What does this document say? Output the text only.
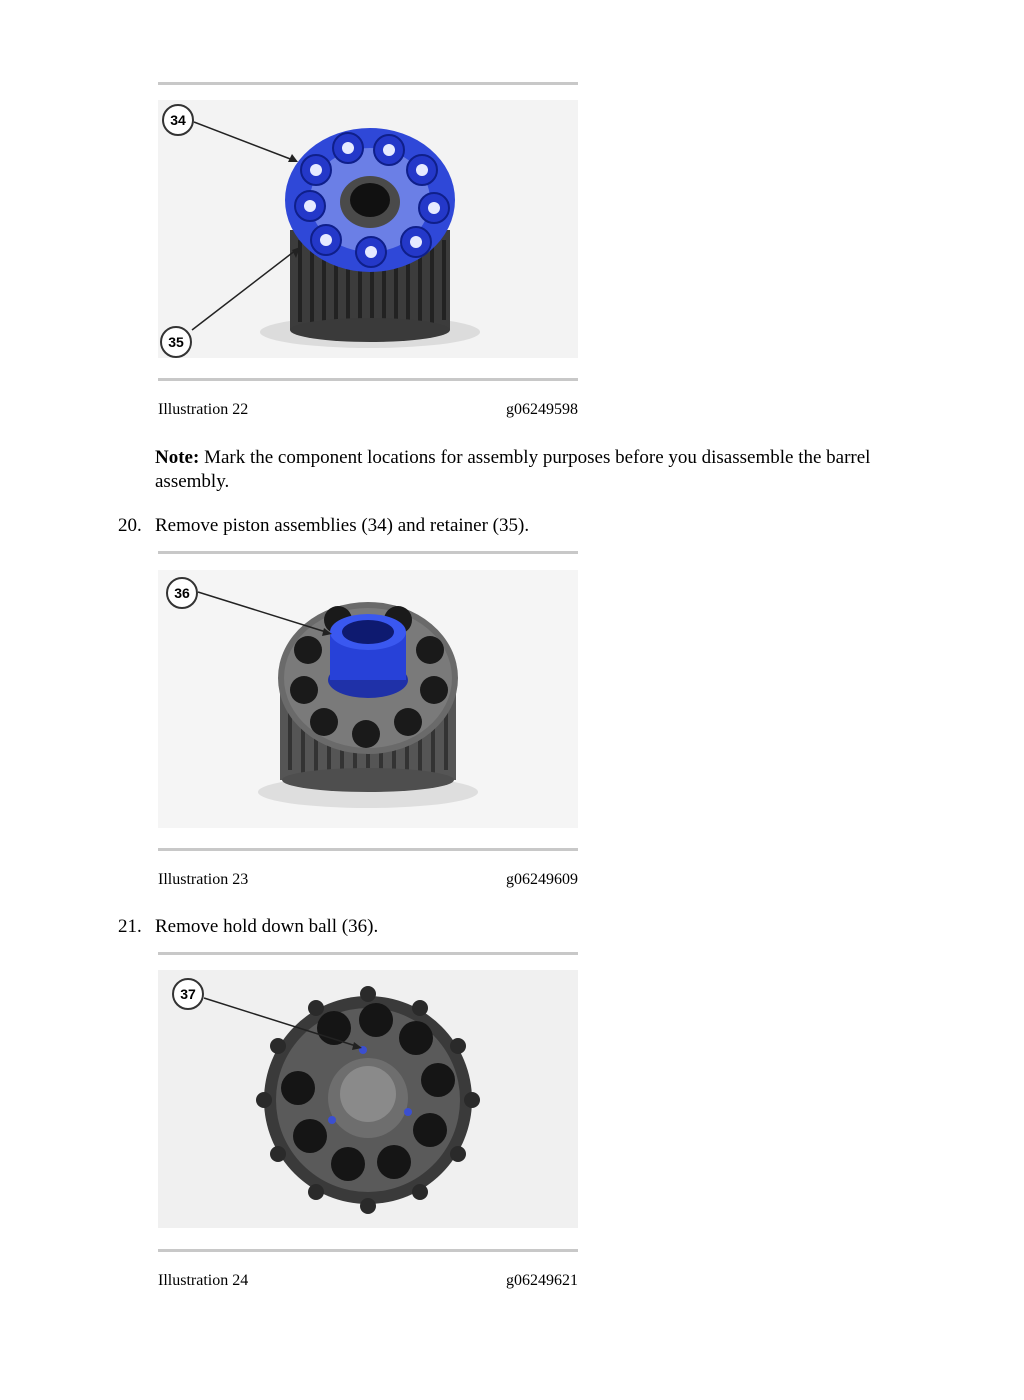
34
35
Illustration 22	g06249598
Note: Mark the component locations for assembly purposes before you disassemble the barrel assembly.
20. Remove piston assemblies (34) and retainer (35).
36
Illustration 23	g06249609
21. Remove hold down ball (36).
37
Illustration 24	g06249621
